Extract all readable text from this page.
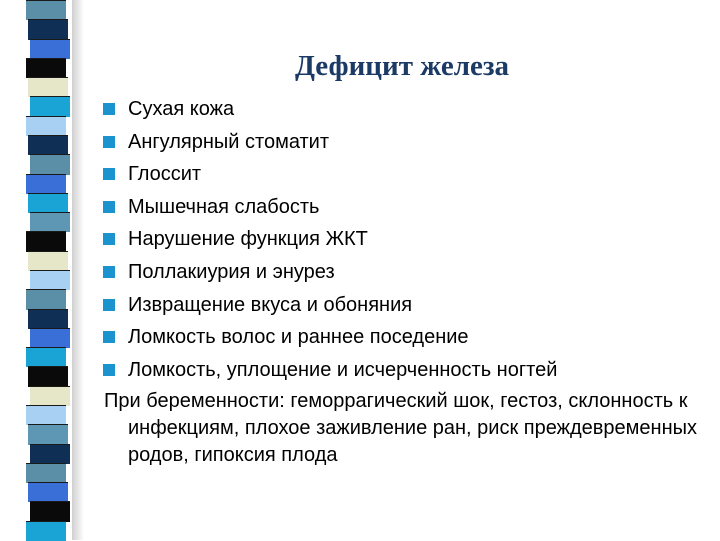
Дефицит железа
Сухая кожа
Ангулярный стоматит
Глоссит
Мышечная слабость
Нарушение функция ЖКТ
Поллакиурия и энурез
Извращение вкуса и обоняния
Ломкость волос и раннее поседение
Ломкость, уплощение и исчерченность ногтей
При беременности: геморрагический шок, гестоз, склонность к инфекциям, плохое заживление ран, риск преждевременных родов, гипоксия плода
